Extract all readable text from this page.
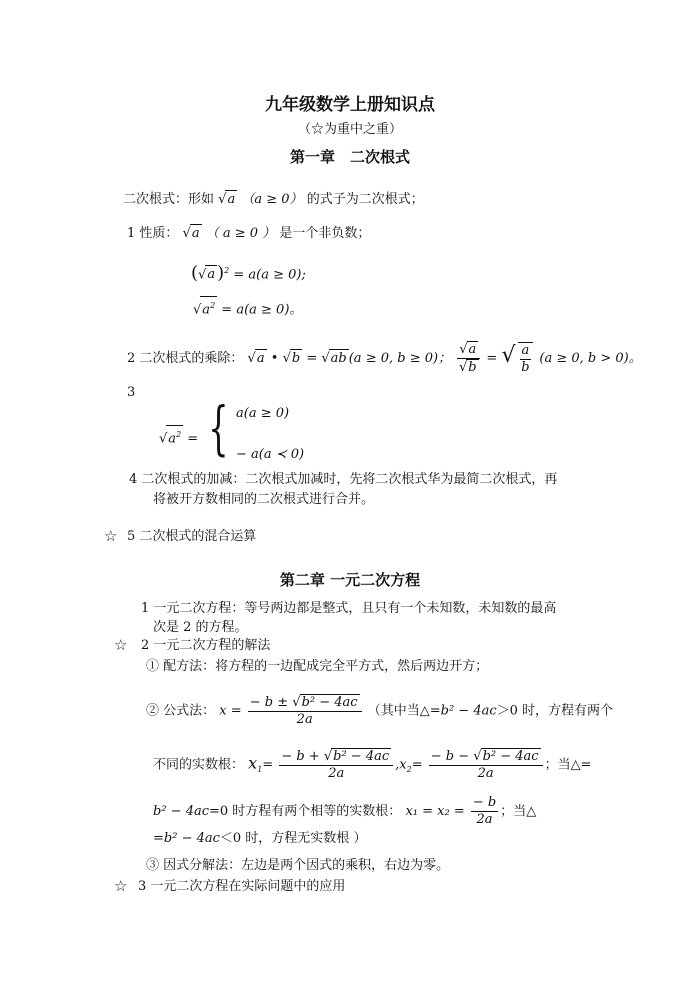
九年级数学上册知识点
（☆为重中之重）
第一章　二次根式
二次根式：形如 √a （a ≥ 0） 的式子为二次根式；
1 性质： √a （ a ≥ 0 ） 是一个非负数；
(√a )$^2$ = a(a ≥ 0);
$√a^2 = a(a \ge 0)$。
2 二次根式的乘除： √a • √b = √ab (a ≥ 0, b ≥ 0)； $\frac{√a}{√b}$ = √ $\frac{a}{b} (a \ge 0$, b > 0)。
3
$√a^2$ = { a(a ≥ 0)
− a(a ≺ 0)
4 二次根式的加减：二次根式加减时，先将二次根式华为最简二次根式，再
将被开方数相同的二次根式进行合并。
☆ 5 二次根式的混合运算
第二章 一元二次方程
1 一元二次方程：等号两边都是整式，且只有一个未知数，未知数的最高
次是 2 的方程。
☆ 2 一元二次方程的解法
① 配方法：将方程的一边配成完全平方式，然后两边开方；
② 公式法： $x = \frac{\text{− b ± √b² − 4ac}}{2a}$ （其中当△=b² − 4ac＞0 时，方程有两个
不同的实数根： $x_1= \frac{\text{− b + √b² − 4ac}}{2a} ,x_2= \frac{\text{− b − √b² − 4ac}}{2a}$ ；当△=
b² − 4ac=0 时方程有两个相等的实数根： $x_1 = x_2 = \frac{- b}{2a}$ ；当△
=b² − 4ac＜0 时，方程无实数根 ）
③ 因式分解法：左边是两个因式的乘积，右边为零。
☆ 3 一元二次方程在实际问题中的应用
